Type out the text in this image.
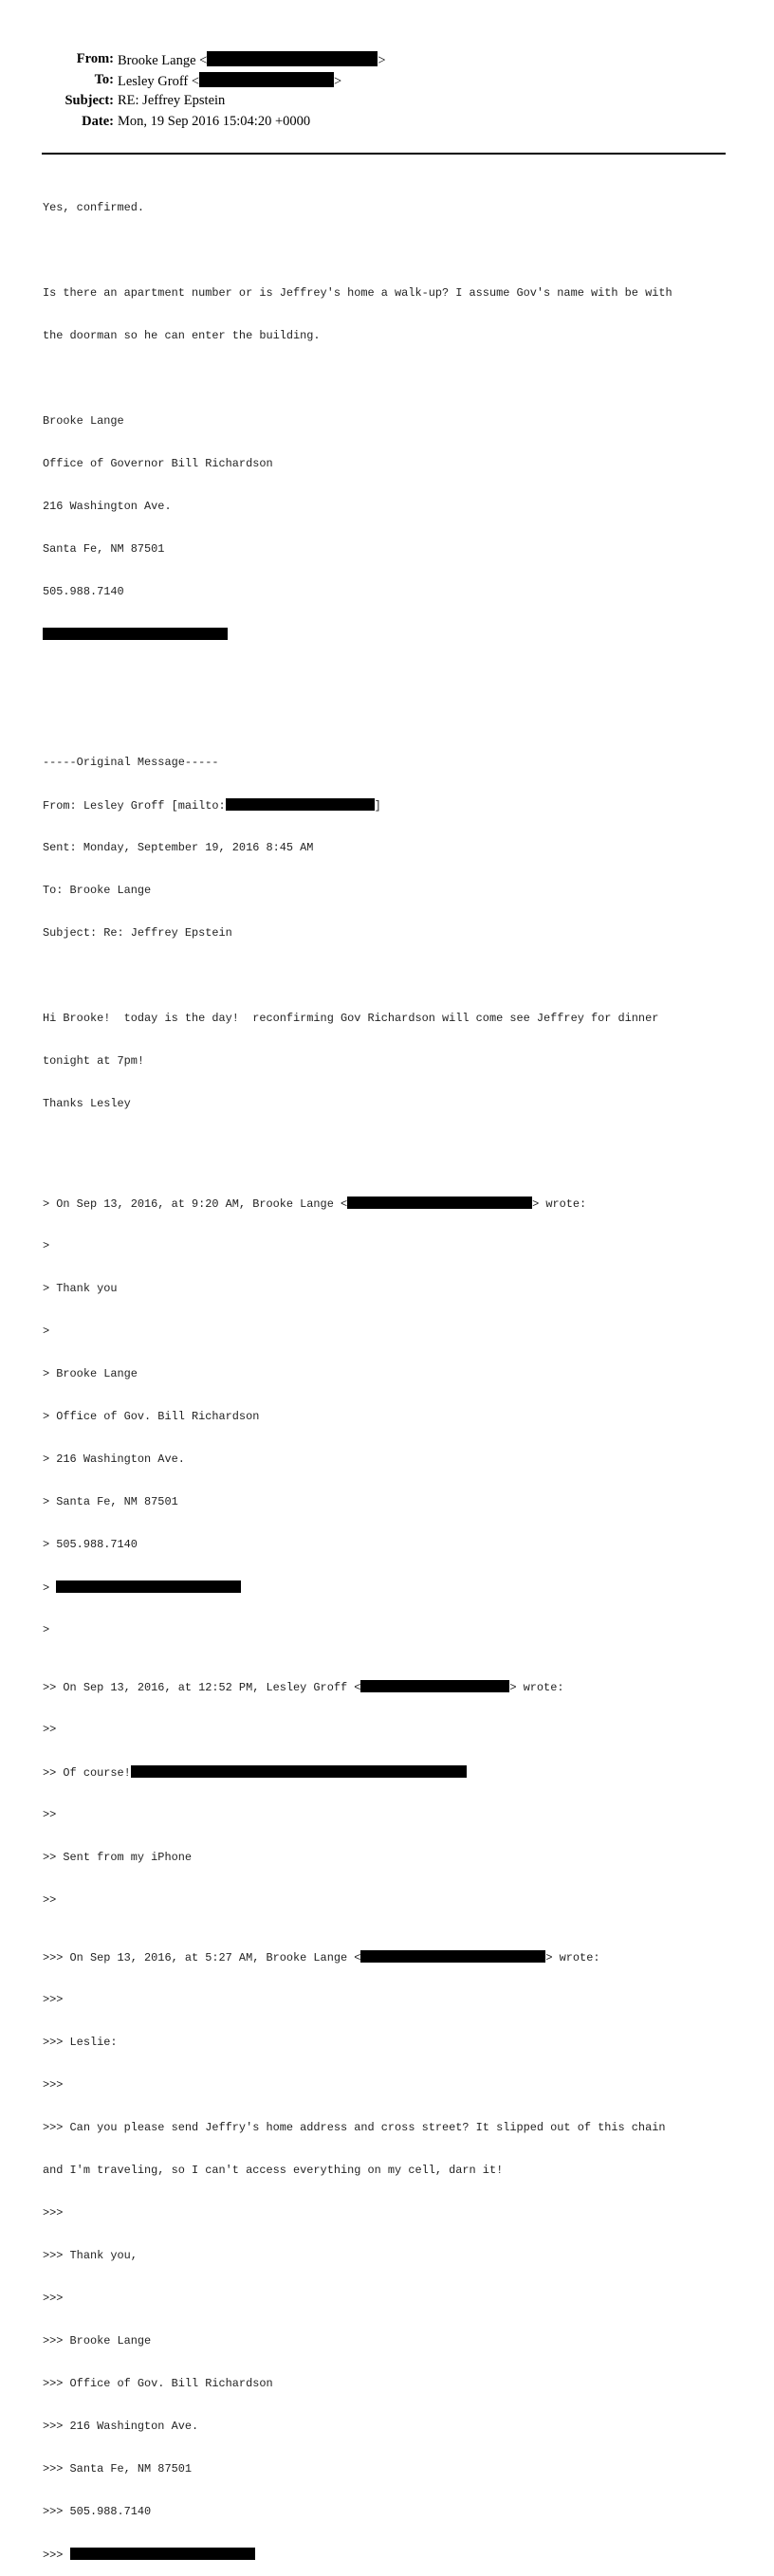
From: Brooke Lange <	>
To: Lesley Groff <	>
Subject: RE: Jeffrey Epstein
Date: Mon, 19 Sep 2016 15:04:20 +0000

Yes, confirmed.

Is there an apartment number or is Jeffrey's home a walk-up? I assume Gov's name with be with

the doorman so he can enter the building.

Brooke Lange

Office of Governor Bill Richardson

216 Washington Ave.

Santa Fe, NM 87501

505.988.7140

-----Original Message-----

From: Lesley Groff [mailto:	]

Sent: Monday, September 19, 2016 8:45 AM

To: Brooke Lange

Subject: Re: Jeffrey Epstein

Hi Brooke!  today is the day!  reconfirming Gov Richardson will come see Jeffrey for dinner

tonight at 7pm!

Thanks Lesley

> On Sep 13, 2016, at 9:20 AM, Brooke Lange <	> wrote:

>

> Thank you

>

> Brooke Lange

> Office of Gov. Bill Richardson

> 216 Washington Ave.

> Santa Fe, NM 87501

> 505.988.7140

>

>

>> On Sep 13, 2016, at 12:52 PM, Lesley Groff <	> wrote:

>>

>> Of course!

>>

>> Sent from my iPhone

>>

>>> On Sep 13, 2016, at 5:27 AM, Brooke Lange <	> wrote:

>>>

>>> Leslie:

>>>

>>> Can you please send Jeffry's home address and cross street? It slipped out of this chain

and I'm traveling, so I can't access everything on my cell, darn it!

>>>

>>> Thank you,

>>>

>>> Brooke Lange

>>> Office of Gov. Bill Richardson

>>> 216 Washington Ave.

>>> Santa Fe, NM 87501

>>> 505.988.7140

>>>
